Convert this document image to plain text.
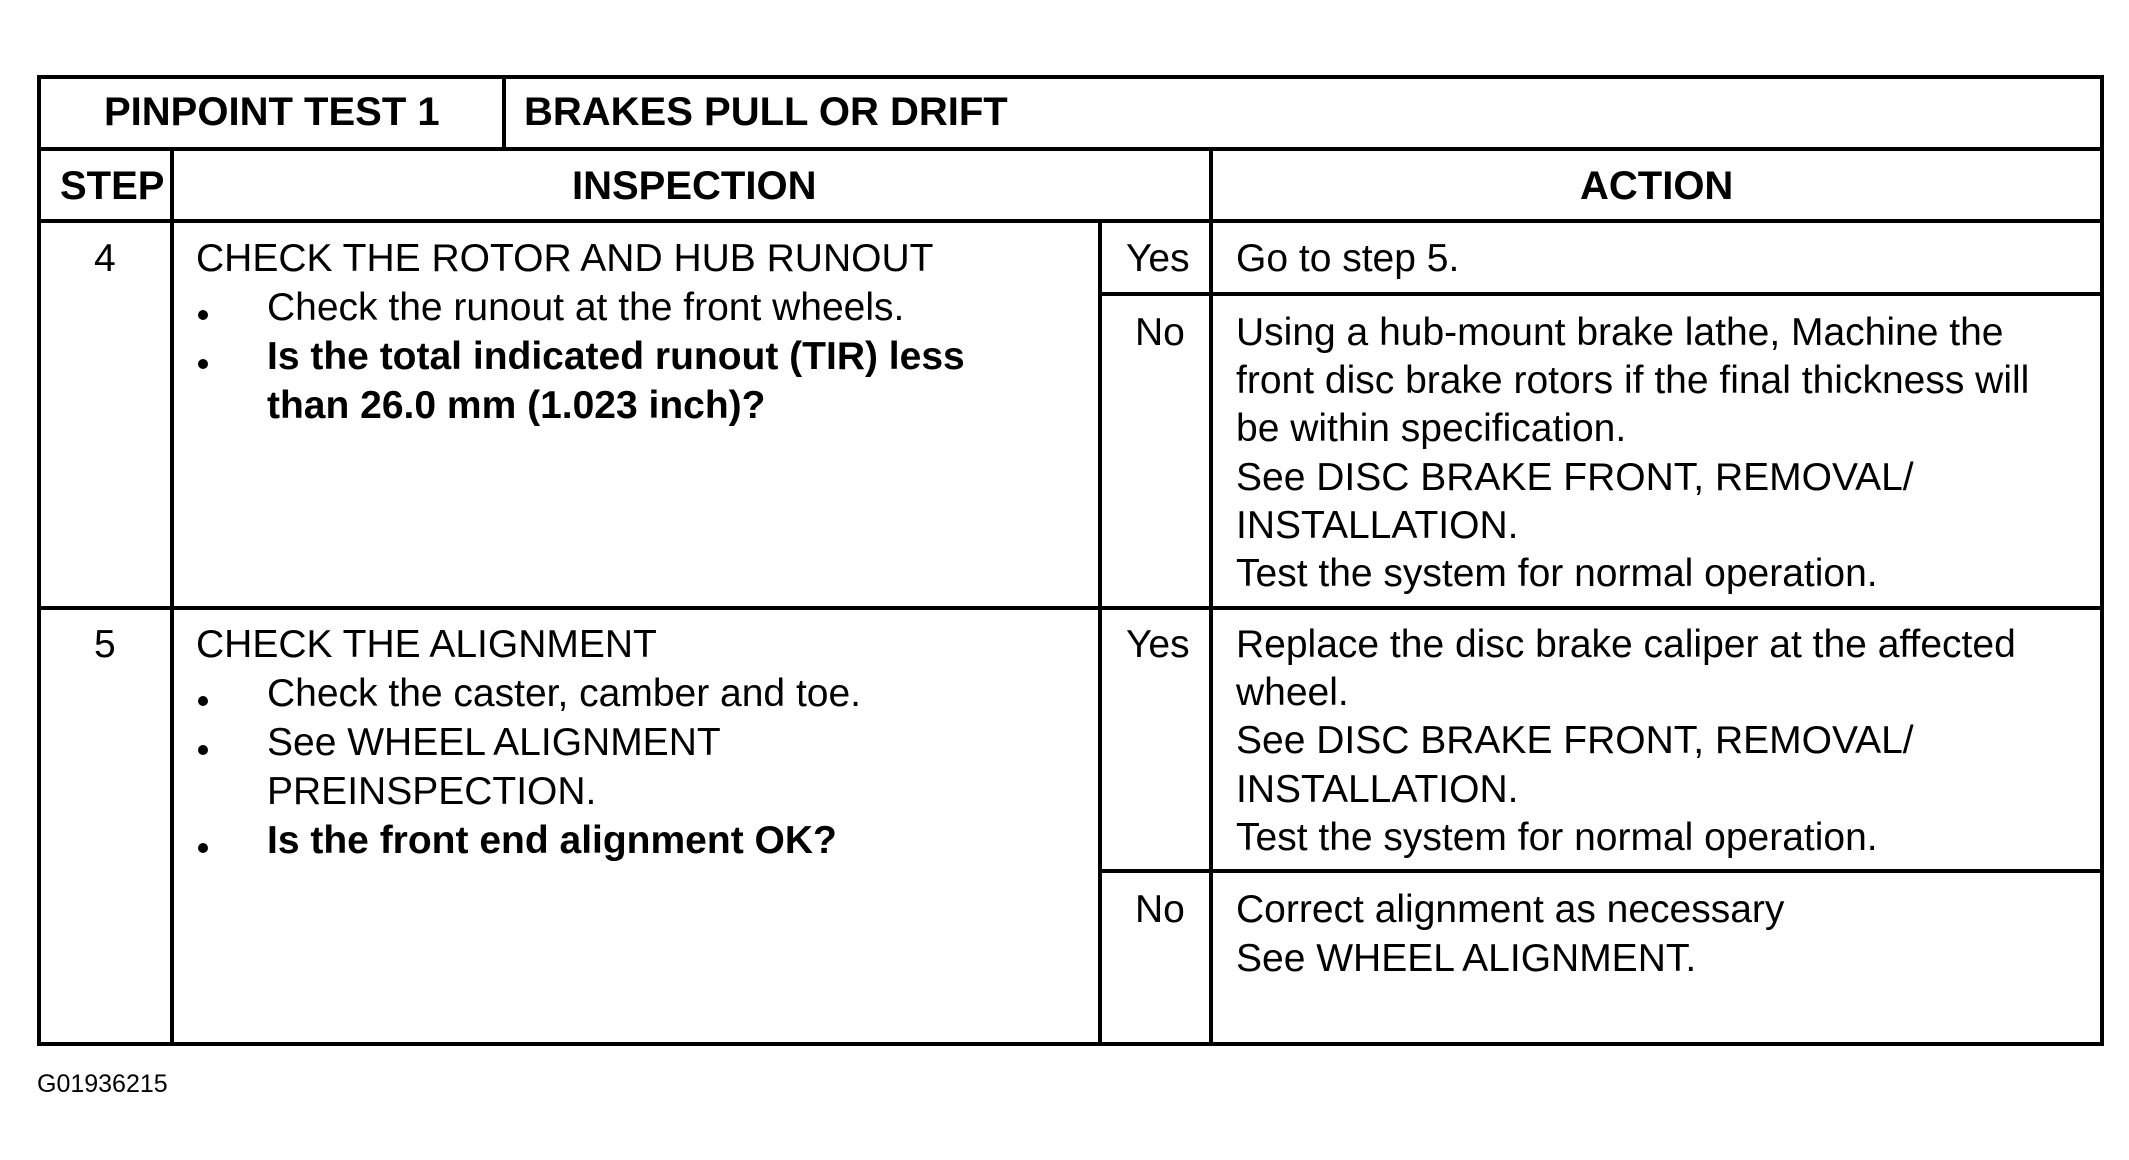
PINPOINT TEST 1 BRAKES PULL OR DRIFT
STEP	INSPECTION	ACTION
4 CHECK THE ROTOR AND HUB RUNOUT
Check the runout at the front wheels.
Is the total indicated runout (TIR) less
than 26.0 mm (1.023 inch)?
Yes Go to step 5.
No Using a hub-mount brake lathe, Machine the
front disc brake rotors if the final thickness will
be within specification.
See DISC BRAKE FRONT, REMOVAL/
INSTALLATION.
Test the system for normal operation.
5 CHECK THE ALIGNMENT
Check the caster, camber and toe.
See WHEEL ALIGNMENT
PREINSPECTION.
Is the front end alignment OK?
Yes Replace the disc brake caliper at the affected
wheel.
See DISC BRAKE FRONT, REMOVAL/
INSTALLATION.
Test the system for normal operation.
No Correct alignment as necessary
See WHEEL ALIGNMENT.
G01936215
